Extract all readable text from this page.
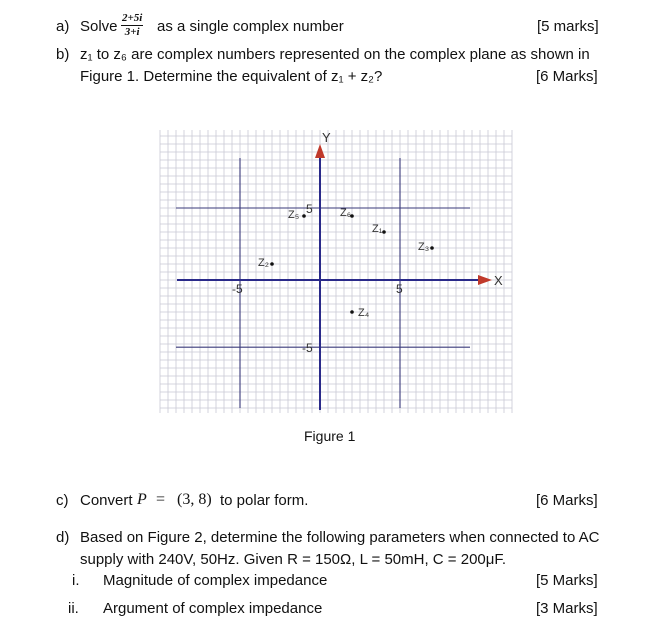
a) Solve $\frac{2+5i}{3+i}$ as a single complex number	[5 marks]
b) z₁ to z₆ are complex numbers represented on the complex plane as shown in
Figure 1. Determine the equivalent of z₁ + z₂?	[6 Marks]
X
Y
-5	5
5
-5
Z₁
Z₂
Z₃
Z₄
Z₅	Z₆
Figure 1
c) Convert P = (3, 8) to polar form.	[6 Marks]
d) Based on Figure 2, determine the following parameters when connected to AC
supply with 240V, 50Hz. Given R = 150Ω, L = 50mH, C = 200μF.
i. Magnitude of complex impedance	[5 Marks]
ii. Argument of complex impedance	[3 Marks]
